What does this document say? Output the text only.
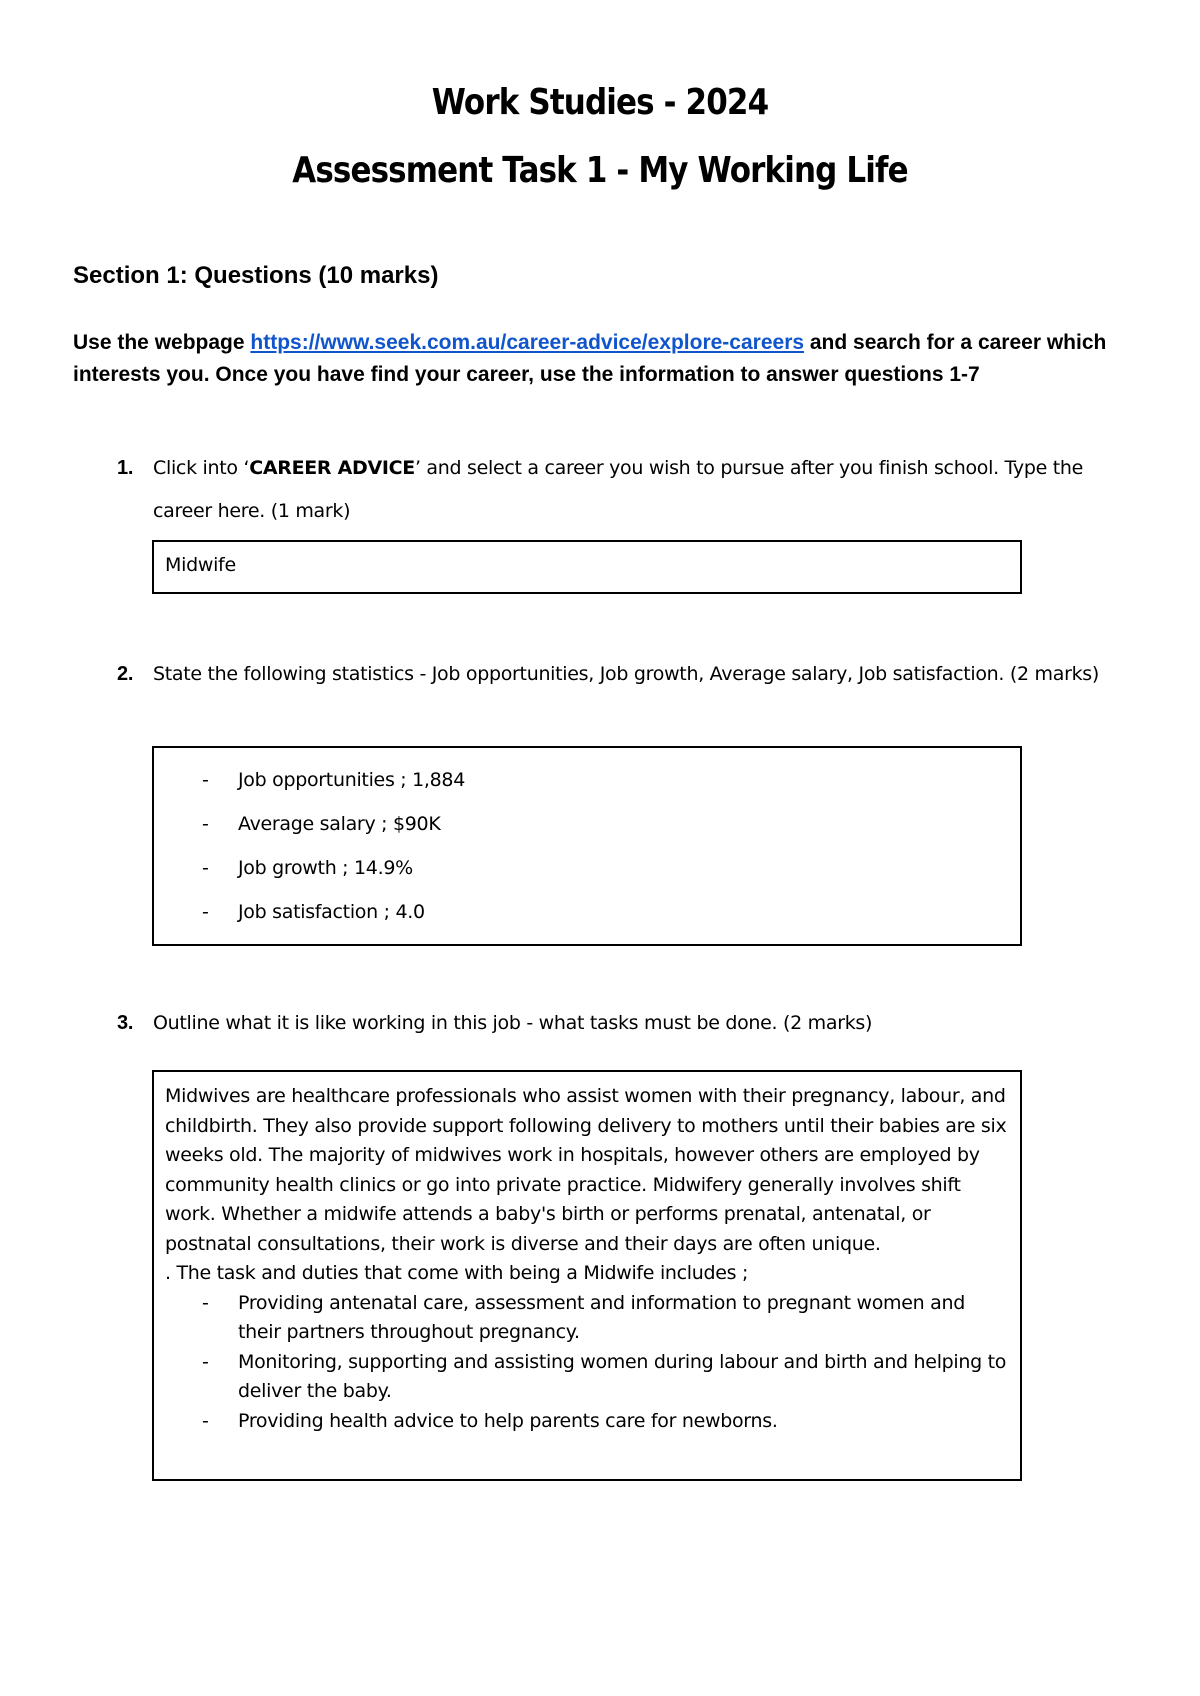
Work Studies - 2024
Assessment Task 1 - My Working Life
Section 1: Questions (10 marks)
Use the webpage https://www.seek.com.au/career-advice/explore-careers and search for a career which interests you. Once you have find your career, use the information to answer questions 1-7
1. Click into ‘CAREER ADVICE’ and select a career you wish to pursue after you finish school. Type the career here. (1 mark)
Midwife
2. State the following statistics - Job opportunities, Job growth, Average salary, Job satisfaction. (2 marks)
- Job opportunities ; 1,884
- Average salary ; $90K
- Job growth ; 14.9%
- Job satisfaction ; 4.0
3. Outline what it is like working in this job - what tasks must be done. (2 marks)

Midwives are healthcare professionals who assist women with their pregnancy, labour, and childbirth. They also provide support following delivery to mothers until their babies are six weeks old. The majority of midwives work in hospitals, however others are employed by community health clinics or go into private practice. Midwifery generally involves shift work. Whether a midwife attends a baby's birth or performs prenatal, antenatal, or postnatal consultations, their work is diverse and their days are often unique.

. The task and duties that come with being a Midwife includes ;

- Providing antenatal care, assessment and information to pregnant women and their partners throughout pregnancy.
- Monitoring, supporting and assisting women during labour and birth and helping to deliver the baby.
- Providing health advice to help parents care for newborns.
